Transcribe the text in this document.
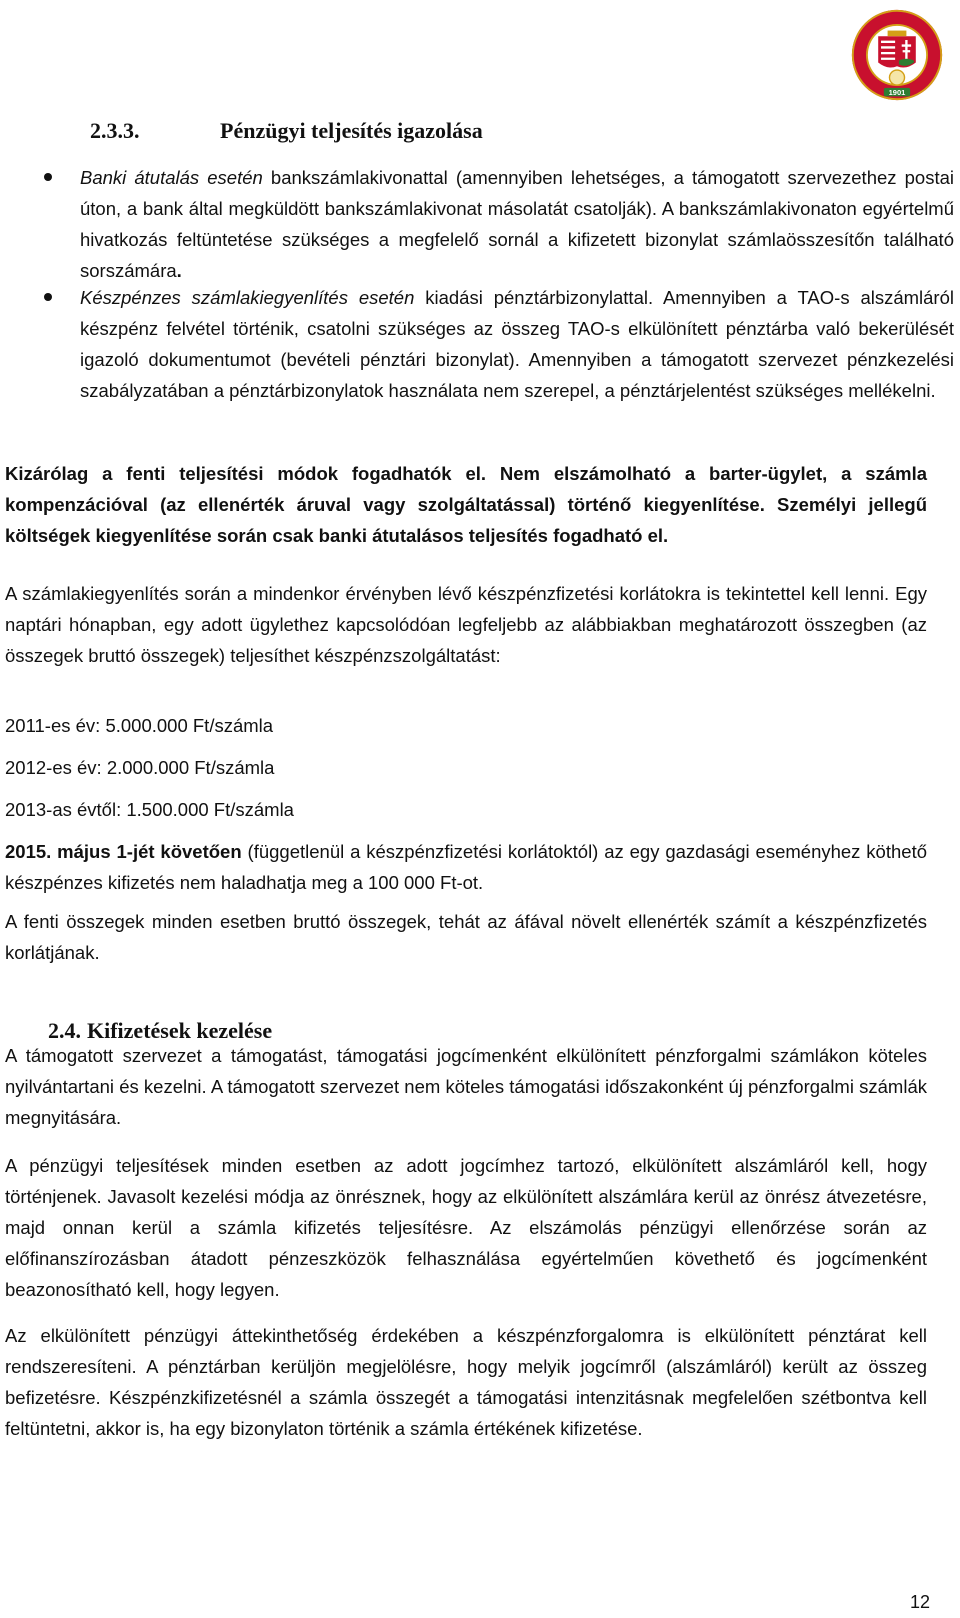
1901
2.3.3.	Pénzügyi teljesítés igazolása
Banki átutalás esetén bankszámlakivonattal (amennyiben lehetséges, a támogatott szervezethez postai úton, a bank által megküldött bankszámlakivonat másolatát csatolják). A bankszámlakivonaton egyértelmű hivatkozás feltüntetése szükséges a megfelelő sornál a kifizetett bizonylat számlaösszesítőn található sorszámára.
Készpénzes számlakiegyenlítés esetén kiadási pénztárbizonylattal. Amennyiben a TAO-s alszámláról készpénz felvétel történik, csatolni szükséges az összeg TAO-s elkülönített pénztárba való bekerülését igazoló dokumentumot (bevételi pénztári bizonylat). Amennyiben a támogatott szervezet pénzkezelési szabályzatában a pénztárbizonylatok használata nem szerepel, a pénztárjelentést szükséges mellékelni.
Kizárólag a fenti teljesítési módok fogadhatók el. Nem elszámolható a barter-ügylet, a számla kompenzációval (az ellenérték áruval vagy szolgáltatással) történő kiegyenlítése. Személyi jellegű költségek kiegyenlítése során csak banki átutalásos teljesítés fogadható el.
A számlakiegyenlítés során a mindenkor érvényben lévő készpénzfizetési korlátokra is tekintettel kell lenni. Egy naptári hónapban, egy adott ügylethez kapcsolódóan legfeljebb az alábbiakban meghatározott összegben (az összegek bruttó összegek) teljesíthet készpénzszolgáltatást:
2011-es év: 5.000.000 Ft/számla
2012-es év: 2.000.000 Ft/számla
2013-as évtől: 1.500.000 Ft/számla
2015. május 1-jét követően (függetlenül a készpénzfizetési korlátoktól) az egy gazdasági eseményhez köthető készpénzes kifizetés nem haladhatja meg a 100 000 Ft-ot.
A fenti összegek minden esetben bruttó összegek, tehát az áfával növelt ellenérték számít a készpénzfizetés korlátjának.
2.4. Kifizetések kezelése
A támogatott szervezet a támogatást, támogatási jogcímenként elkülönített pénzforgalmi számlákon köteles nyilvántartani és kezelni. A támogatott szervezet nem köteles támogatási időszakonként új pénzforgalmi számlák megnyitására.
A pénzügyi teljesítések minden esetben az adott jogcímhez tartozó, elkülönített alszámláról kell, hogy történjenek. Javasolt kezelési módja az önrésznek, hogy az elkülönített alszámlára kerül az önrész átvezetésre, majd onnan kerül a számla kifizetés teljesítésre. Az elszámolás pénzügyi ellenőrzése során az előfinanszírozásban átadott pénzeszközök felhasználása egyértelműen követhető és jogcímenként beazonosítható kell, hogy legyen.
Az elkülönített pénzügyi áttekinthetőség érdekében a készpénzforgalomra is elkülönített pénztárat kell rendszeresíteni. A pénztárban kerüljön megjelölésre, hogy melyik jogcímről (alszámláról) került az összeg befizetésre. Készpénzkifizetésnél a számla összegét a támogatási intenzitásnak megfelelően szétbontva kell feltüntetni, akkor is, ha egy bizonylaton történik a számla értékének kifizetése.
12
